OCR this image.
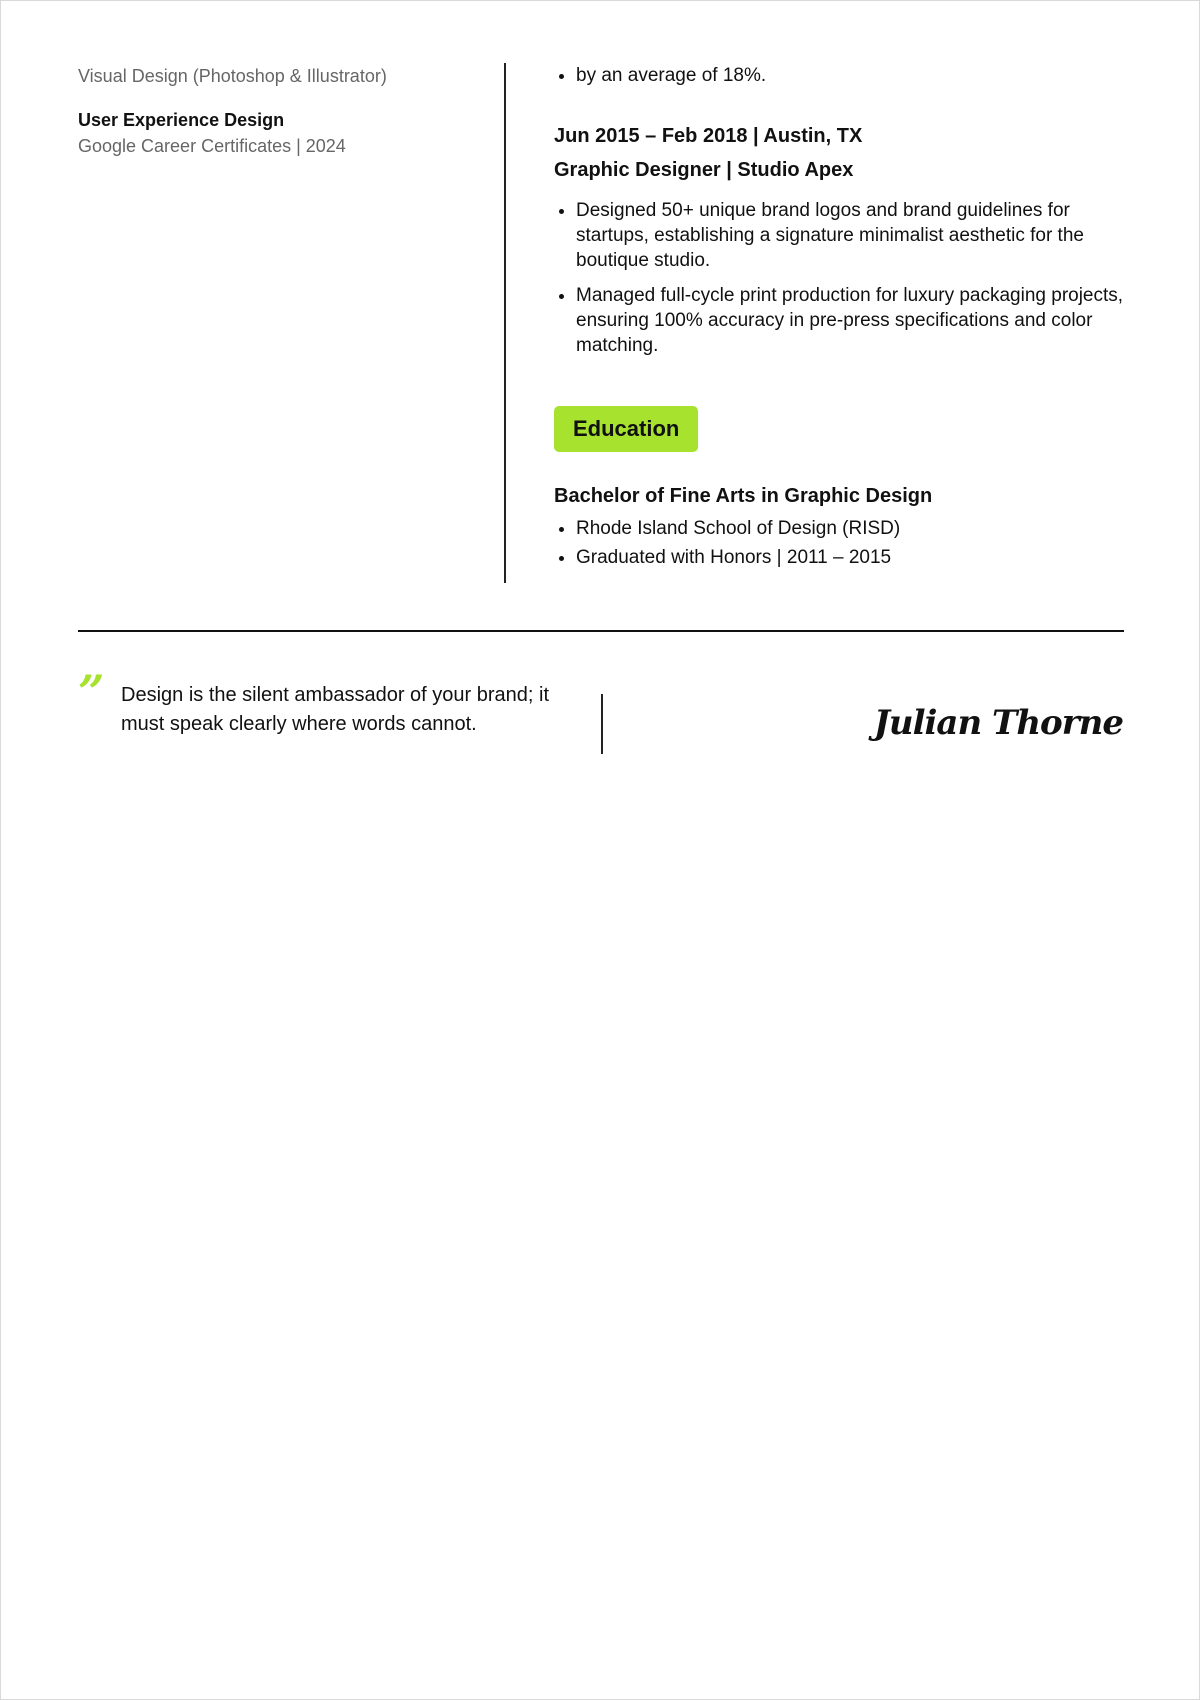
Visual Design (Photoshop & Illustrator)
User Experience Design
Google Career Certificates | 2024
• by an average of 18%.
Jun 2015 – Feb 2018 | Austin, TX
Graphic Designer | Studio Apex
• Designed 50+ unique brand logos and brand guidelines for startups, establishing a signature minimalist aesthetic for the boutique studio.
• Managed full-cycle print production for luxury packaging projects, ensuring 100% accuracy in pre-press specifications and color matching.
Education
Bachelor of Fine Arts in Graphic Design
• Rhode Island School of Design (RISD)
• Graduated with Honors | 2011 – 2015
” Design is the silent ambassador of your brand; it must speak clearly where words cannot.	Julian Thorne
